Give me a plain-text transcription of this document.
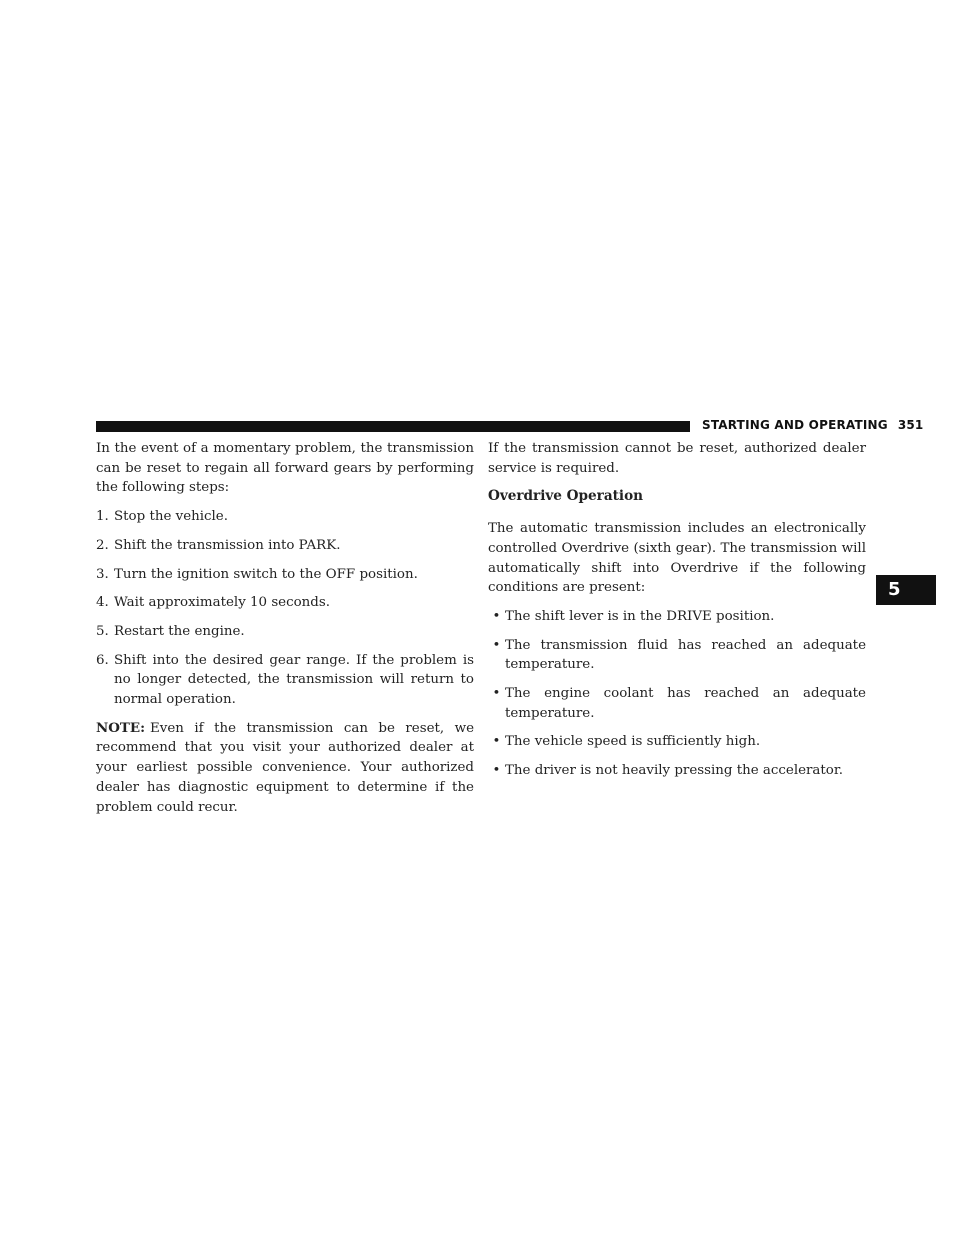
STARTING AND OPERATING 351
5

In the event of a momentary problem, the transmission can be reset to regain all forward gears by performing the following steps:

1. Stop the vehicle.
2. Shift the transmission into PARK.
3. Turn the ignition switch to the OFF position.
4. Wait approximately 10 seconds.
5. Restart the engine.
6. Shift into the desired gear range. If the problem is no longer detected, the transmission will return to normal operation.

NOTE: Even if the transmission can be reset, we recommend that you visit your authorized dealer at your earliest possible convenience. Your authorized dealer has diagnostic equipment to determine if the problem could recur.

If the transmission cannot be reset, authorized dealer service is required.

Overdrive Operation

The automatic transmission includes an electronically controlled Overdrive (sixth gear). The transmission will automatically shift into Overdrive if the following conditions are present:

• The shift lever is in the DRIVE position.
• The transmission fluid has reached an adequate temperature.
• The engine coolant has reached an adequate temperature.
• The vehicle speed is sufficiently high.
• The driver is not heavily pressing the accelerator.
